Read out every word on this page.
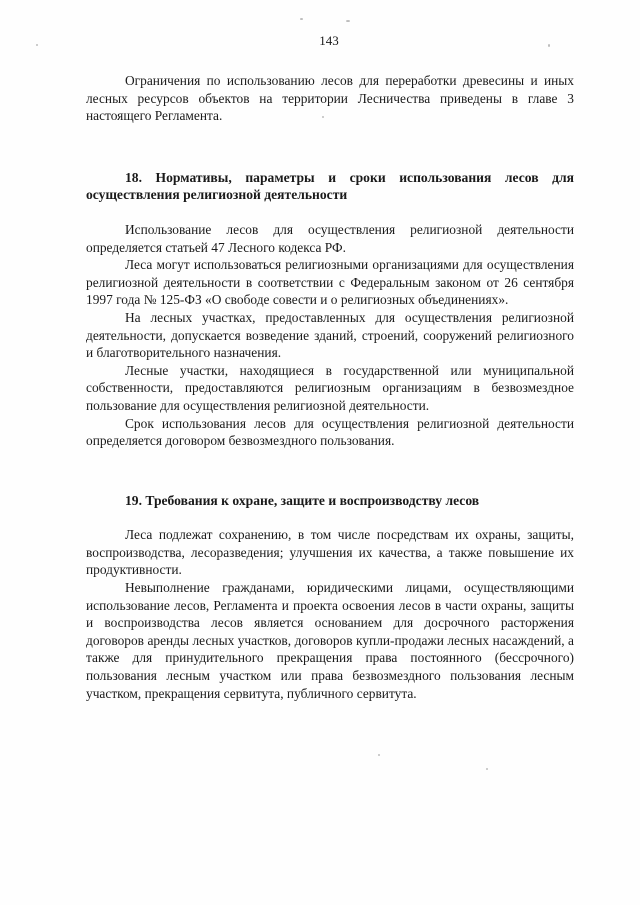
143

Ограничения по использованию лесов для переработки древесины и иных лесных ресурсов объектов на территории Лесничества приведены в главе 3 настоящего Регламента.

18. Нормативы, параметры и сроки использования лесов для осуществления религиозной деятельности

Использование лесов для осуществления религиозной деятельности определяется статьей 47 Лесного кодекса РФ.

Леса могут использоваться религиозными организациями для осуществления религиозной деятельности в соответствии с Федеральным законом от 26 сентября 1997 года № 125-ФЗ «О свободе совести и о религиозных объединениях».

На лесных участках, предоставленных для осуществления религиозной деятельности, допускается возведение зданий, строений, сооружений религиозного и благотворительного назначения.

Лесные участки, находящиеся в государственной или муниципальной собственности, предоставляются религиозным организациям в безвозмездное пользование для осуществления религиозной деятельности.

Срок использования лесов для осуществления религиозной деятельности определяется договором безвозмездного пользования.

19. Требования к охране, защите и воспроизводству лесов

Леса подлежат сохранению, в том числе посредствам их охраны, защиты, воспроизводства, лесоразведения; улучшения их качества, а также повышение их продуктивности.

Невыполнение гражданами, юридическими лицами, осуществляющими использование лесов, Регламента и проекта освоения лесов в части охраны, защиты и воспроизводства лесов является основанием для досрочного расторжения договоров аренды лесных участков, договоров купли-продажи лесных насаждений, а также для принудительного прекращения права постоянного (бессрочного) пользования лесным участком или права безвозмездного пользования лесным участком, прекращения сервитута, публичного сервитута.
